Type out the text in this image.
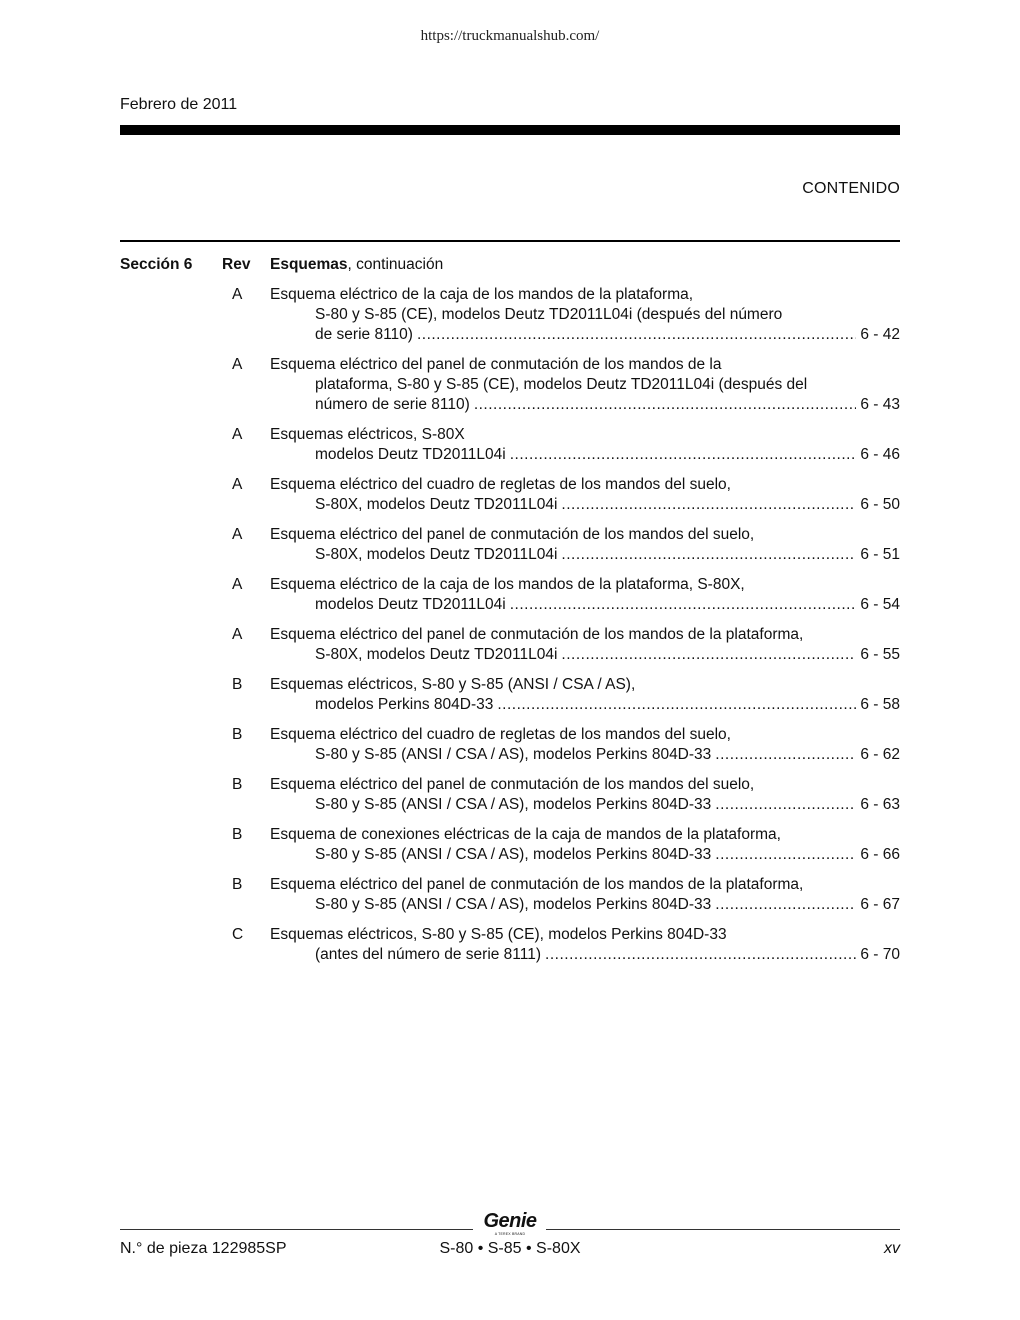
https://truckmanualshub.com/
Febrero de 2011
CONTENIDO
Sección 6 Rev Esquemas, continuación
A Esquema eléctrico de la caja de los mandos de la plataforma,
S-80 y S-85 (CE), modelos Deutz TD2011L04i (después del número
de serie 8110) .....	6 - 42
A Esquema eléctrico del panel de conmutación de los mandos de la
plataforma, S-80 y S-85 (CE), modelos Deutz TD2011L04i (después del
número de serie 8110) .....	6 - 43
A Esquemas eléctricos, S-80X
modelos Deutz TD2011L04i .....	6 - 46
A Esquema eléctrico del cuadro de regletas de los mandos del suelo,
S-80X, modelos Deutz TD2011L04i .....	6 - 50
A Esquema eléctrico del panel de conmutación de los mandos del suelo,
S-80X, modelos Deutz TD2011L04i .....	6 - 51
A Esquema eléctrico de la caja de los mandos de la plataforma, S-80X,
modelos Deutz TD2011L04i .....	6 - 54
A Esquema eléctrico del panel de conmutación de los mandos de la plataforma,
S-80X, modelos Deutz TD2011L04i .....	6 - 55
B Esquemas eléctricos, S-80 y S-85 (ANSI / CSA / AS),
modelos Perkins 804D-33 .....	6 - 58
B Esquema eléctrico del cuadro de regletas de los mandos del suelo,
S-80 y S-85 (ANSI / CSA / AS), modelos Perkins 804D-33 .....	6 - 62
B Esquema eléctrico del panel de conmutación de los mandos del suelo,
S-80 y S-85 (ANSI / CSA / AS), modelos Perkins 804D-33 .....	6 - 63
B Esquema de conexiones eléctricas de la caja de mandos de la plataforma,
S-80 y S-85 (ANSI / CSA / AS), modelos Perkins 804D-33 .....	6 - 66
B Esquema eléctrico del panel de conmutación de los mandos de la plataforma,
S-80 y S-85 (ANSI / CSA / AS), modelos Perkins 804D-33 .....	6 - 67
C Esquemas eléctricos, S-80 y S-85 (CE), modelos Perkins 804D-33
(antes del número de serie 8111) .....	6 - 70
Genie
A TEREX BRAND
N.° de pieza 122985SP	S-80 • S-85 • S-80X	xv
